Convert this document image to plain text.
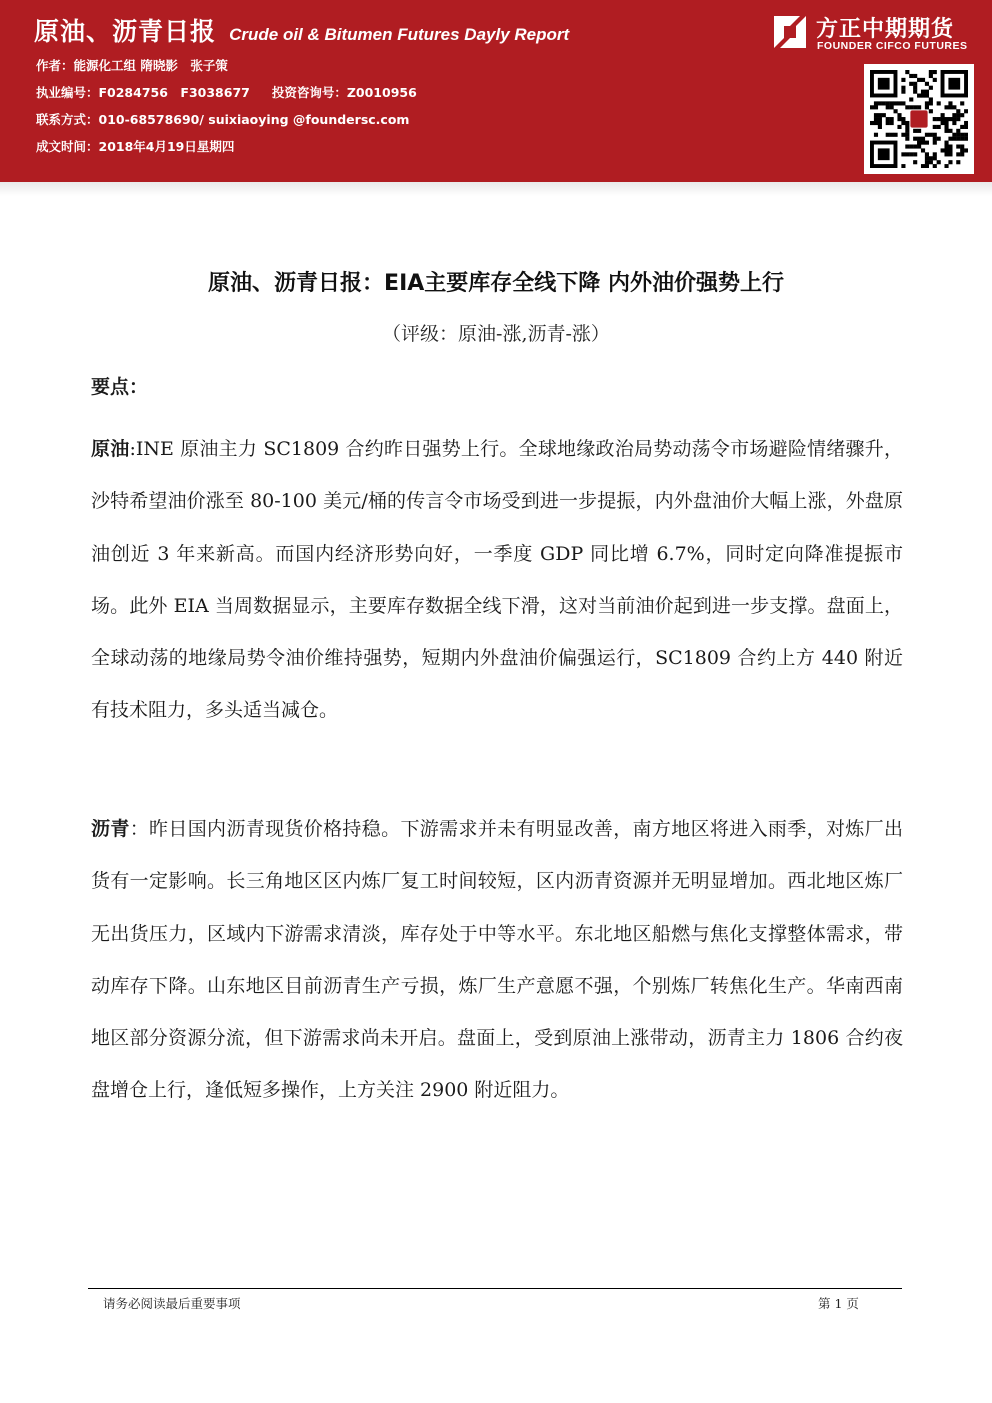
原油、沥青日报 Crude oil & Bitumen Futures Dayly Report
作者：能源化工组 隋晓影　张子策
执业编号：F0284756　F3038677 投资咨询号：Z0010956
联系方式：010-68578690/ suixiaoying @foundersc.com
成文时间：2018年4月19日星期四
方正中期期货
FOUNDER CIFCO FUTURES
原油、沥青日报：EIA主要库存全线下降 内外油价强势上行
（评级：原油-涨,沥青-涨）
要点：

原油:INE 原油主力 SC1809 合约昨日强势上行。全球地缘政治局势动荡令市场避险情绪骤升，沙特希望油价涨至 80-100 美元/桶的传言令市场受到进一步提振，内外盘油价大幅上涨，外盘原油创近 3 年来新高。而国内经济形势向好，一季度 GDP 同比增 6.7%，同时定向降准提振市场。此外 EIA 当周数据显示，主要库存数据全线下滑，这对当前油价起到进一步支撑。盘面上，全球动荡的地缘局势令油价维持强势，短期内外盘油价偏强运行，SC1809 合约上方 440 附近有技术阻力，多头适当减仓。

沥青：昨日国内沥青现货价格持稳。下游需求并未有明显改善，南方地区将进入雨季，对炼厂出货有一定影响。长三角地区区内炼厂复工时间较短，区内沥青资源并无明显增加。西北地区炼厂无出货压力，区域内下游需求清淡，库存处于中等水平。东北地区船燃与焦化支撑整体需求，带动库存下降。山东地区目前沥青生产亏损，炼厂生产意愿不强，个别炼厂转焦化生产。华南西南地区部分资源分流，但下游需求尚未开启。盘面上，受到原油上涨带动，沥青主力 1806 合约夜盘增仓上行，逢低短多操作，上方关注 2900 附近阻力。

请务必阅读最后重要事项	第 1 页
